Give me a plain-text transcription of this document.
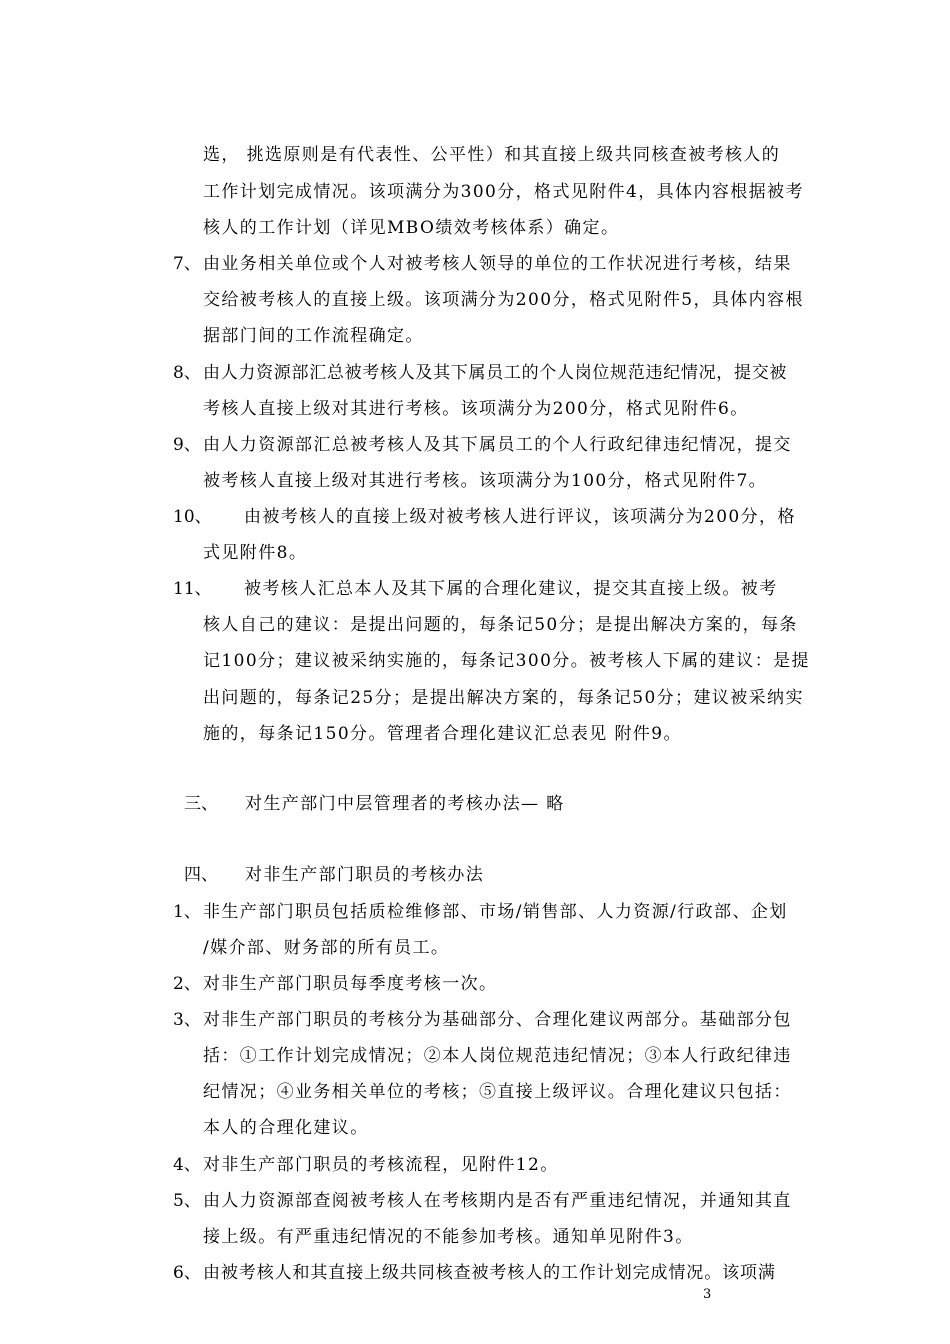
选， 挑选原则是有代表性、公平性）和其直接上级共同核查被考核人的
工作计划完成情况。该项满分为300分，格式见附件4，具体内容根据被考
核人的工作计划（详见MBO绩效考核体系）确定。
7、 由业务相关单位或个人对被考核人领导的单位的工作状况进行考核，结果
交给被考核人的直接上级。该项满分为200分，格式见附件5，具体内容根
据部门间的工作流程确定。
8、 由人力资源部汇总被考核人及其下属员工的个人岗位规范违纪情况，提交被
考核人直接上级对其进行考核。该项满分为200分，格式见附件6。
9、 由人力资源部汇总被考核人及其下属员工的个人行政纪律违纪情况，提交
被考核人直接上级对其进行考核。该项满分为100分，格式见附件7。
10、 由被考核人的直接上级对被考核人进行评议，该项满分为200分，格
式见附件8。
11、 被考核人汇总本人及其下属的合理化建议，提交其直接上级。被考
核人自己的建议：是提出问题的，每条记50分；是提出解决方案的，每条
记100分；建议被采纳实施的，每条记300分。被考核人下属的建议：是提
出问题的，每条记25分；是提出解决方案的，每条记50分；建议被采纳实
施的，每条记150分。管理者合理化建议汇总表见 附件9。
三、 对生产部门中层管理者的考核办法— 略
四、 对非生产部门职员的考核办法
1、 非生产部门职员包括质检维修部、市场/销售部、人力资源/行政部、企划
/媒介部、财务部的所有员工。
2、 对非生产部门职员每季度考核一次。
3、 对非生产部门职员的考核分为基础部分、合理化建议两部分。基础部分包
括：①工作计划完成情况；②本人岗位规范违纪情况；③本人行政纪律违
纪情况；④业务相关单位的考核；⑤直接上级评议。合理化建议只包括：
本人的合理化建议。
4、 对非生产部门职员的考核流程，见附件12。
5、 由人力资源部查阅被考核人在考核期内是否有严重违纪情况，并通知其直
接上级。有严重违纪情况的不能参加考核。通知单见附件3。
6、 由被考核人和其直接上级共同核查被考核人的工作计划完成情况。该项满
3
